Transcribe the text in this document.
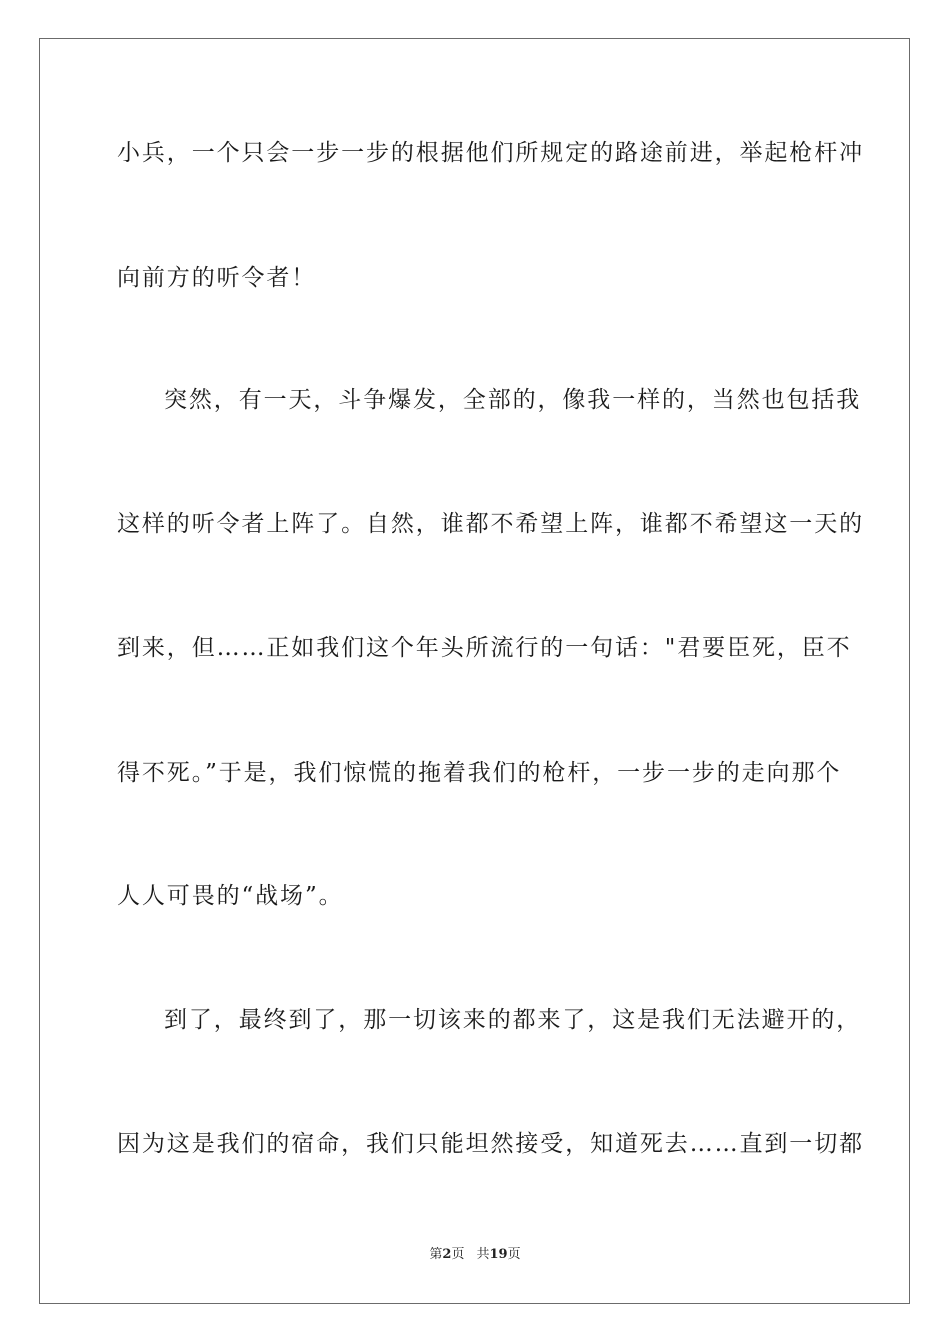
小兵，一个只会一步一步的根据他们所规定的路途前进，举起枪杆冲

向前方的听令者！

突然，有一天，斗争爆发，全部的，像我一样的，当然也包括我

这样的听令者上阵了。自然，谁都不希望上阵，谁都不希望这一天的

到来，但……正如我们这个年头所流行的一句话："君要臣死，臣不

得不死。”于是，我们惊慌的拖着我们的枪杆，一步一步的走向那个

人人可畏的“战场”。

到了，最终到了，那一切该来的都来了，这是我们无法避开的，

因为这是我们的宿命，我们只能坦然接受，知道死去……直到一切都

第2页 共19页
